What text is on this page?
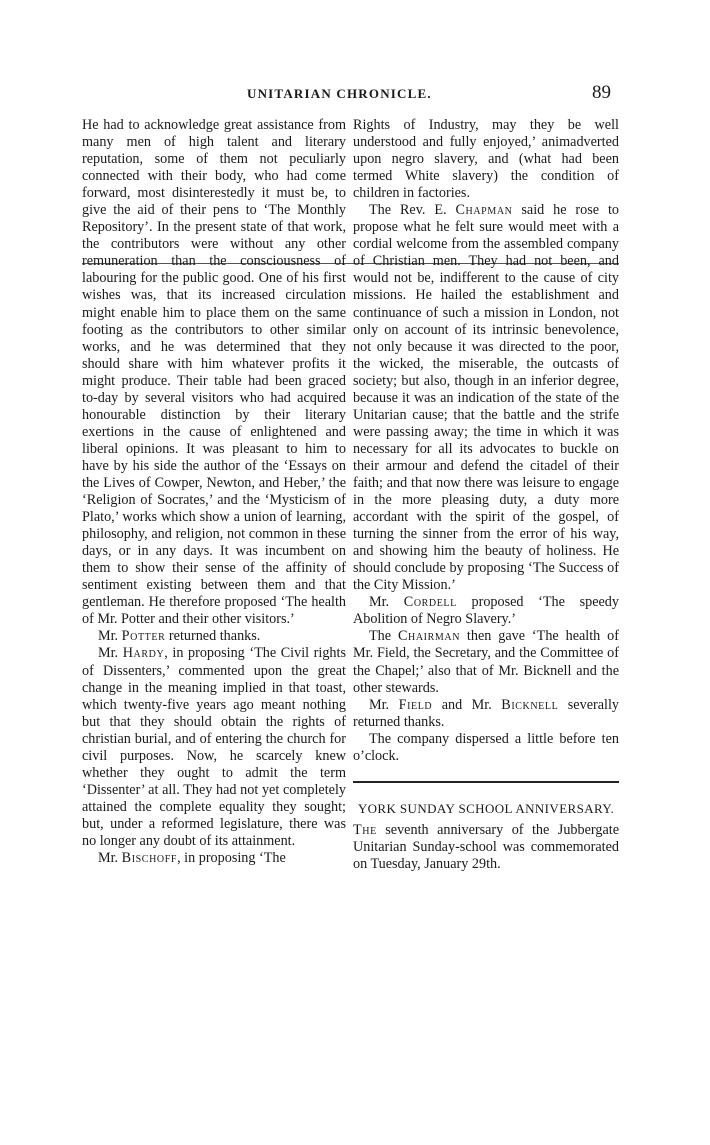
UNITARIAN CHRONICLE.	89

He had to acknowledge great assistance from many men of high talent and literary reputation, some of them not peculiarly connected with their body, who had come forward, most disinterestedly it must be, to give the aid of their pens to ‘The Monthly Repository’. In the present state of that work, the contributors were without any other remuneration than the consciousness of labouring for the public good. One of his first wishes was, that its increased circulation might enable him to place them on the same footing as the contributors to other similar works, and he was determined that they should share with him whatever profits it might produce. Their table had been graced to-day by several visitors who had acquired honourable distinction by their literary exertions in the cause of enlightened and liberal opinions. It was pleasant to him to have by his side the author of the ‘Essays on the Lives of Cowper, Newton, and Heber,’ the ‘Religion of Socrates,’ and the ‘Mysticism of Plato,’ works which show a union of learning, philosophy, and religion, not common in these days, or in any days. It was incumbent on them to show their sense of the affinity of sentiment existing between them and that gentleman. He therefore proposed ‘The health of Mr. Potter and their other visitors.’

Mr. Potter returned thanks.

Mr. Hardy, in proposing ‘The Civil rights of Dissenters,’ commented upon the great change in the meaning implied in that toast, which twenty-five years ago meant nothing but that they should obtain the rights of christian burial, and of entering the church for civil purposes. Now, he scarcely knew whether they ought to admit the term ‘Dissenter’ at all. They had not yet completely attained the complete equality they sought; but, under a reformed legislature, there was no longer any doubt of its attainment.

Mr. Bischoff, in proposing ‘The

Rights of Industry, may they be well understood and fully enjoyed,’ animadverted upon negro slavery, and (what had been termed White slavery) the condition of children in factories.

The Rev. E. Chapman said he rose to propose what he felt sure would meet with a cordial welcome from the assembled company of Christian men. They had not been, and would not be, indifferent to the cause of city missions. He hailed the establishment and continuance of such a mission in London, not only on account of its intrinsic benevolence, not only because it was directed to the poor, the wicked, the miserable, the outcasts of society; but also, though in an inferior degree, because it was an indication of the state of the Unitarian cause; that the battle and the strife were passing away; the time in which it was necessary for all its advocates to buckle on their armour and defend the citadel of their faith; and that now there was leisure to engage in the more pleasing duty, a duty more accordant with the spirit of the gospel, of turning the sinner from the error of his way, and showing him the beauty of holiness. He should conclude by proposing ‘The Success of the City Mission.’

Mr. Cordell proposed ‘The speedy Abolition of Negro Slavery.’

The Chairman then gave ‘The health of Mr. Field, the Secretary, and the Committee of the Chapel;’ also that of Mr. Bicknell and the other stewards.

Mr. Field and Mr. Bicknell severally returned thanks.

The company dispersed a little before ten o’clock.

YORK SUNDAY SCHOOL ANNIVERSARY.

The seventh anniversary of the Jubbergate Unitarian Sunday-school was commemorated on Tuesday, January 29th.
